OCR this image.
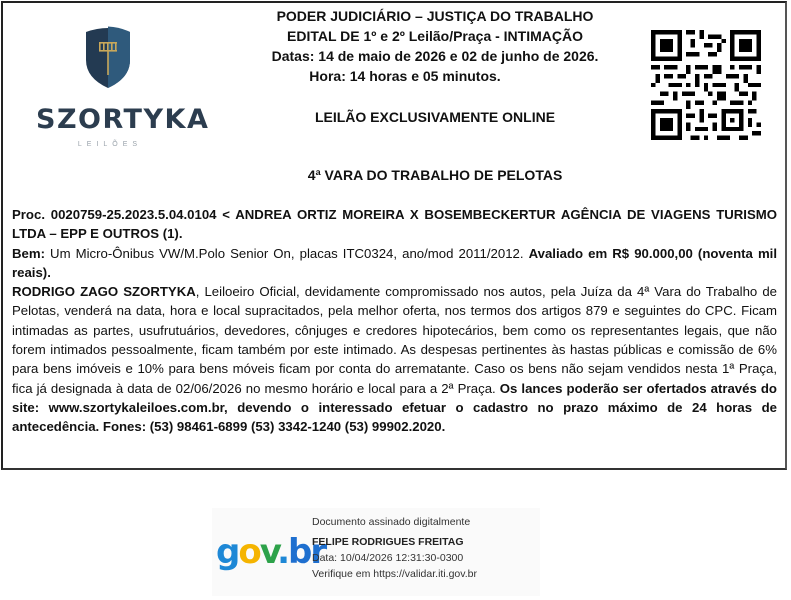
SZORTYKA
LEILÕES
PODER JUDICIÁRIO – JUSTIÇA DO TRABALHO
EDITAL DE 1º e 2º Leilão/Praça - INTIMAÇÃO
Datas: 14 de maio de 2026 e 02 de junho de 2026.
Hora: 14 horas e 05 minutos.
LEILÃO EXCLUSIVAMENTE ONLINE
4ª VARA DO TRABALHO DE PELOTAS

Proc. 0020759-25.2023.5.04.0104 < ANDREA ORTIZ MOREIRA X BOSEMBECKERTUR AGÊNCIA DE VIAGENS TURISMO LTDA – EPP E OUTROS (1).

Bem: Um Micro-Ônibus VW/M.Polo Senior On, placas ITC0324, ano/mod 2011/2012. Avaliado em R$ 90.000,00 (noventa mil reais).

RODRIGO ZAGO SZORTYKA, Leiloeiro Oficial, devidamente compromissado nos autos, pela Juíza da 4ª Vara do Trabalho de Pelotas, venderá na data, hora e local supracitados, pela melhor oferta, nos termos dos artigos 879 e seguintes do CPC. Ficam intimadas as partes, usufrutuários, devedores, cônjuges e credores hipotecários, bem como os representantes legais, que não forem intimados pessoalmente, ficam também por este intimado. As despesas pertinentes às hastas públicas e comissão de 6% para bens imóveis e 10% para bens móveis ficam por conta do arrematante. Caso os bens não sejam vendidos nesta 1ª Praça, fica já designada à data de 02/06/2026 no mesmo horário e local para a 2ª Praça. Os lances poderão ser ofertados através do site: www.szortykaleiloes.com.br, devendo o interessado efetuar o cadastro no prazo máximo de 24 horas de antecedência. Fones: (53) 98461-6899 (53) 3342-1240 (53) 99902.2020.

gov.br
Documento assinado digitalmente
FELIPE RODRIGUES FREITAG
Data: 10/04/2026 12:31:30-0300
Verifique em https://validar.iti.gov.br
